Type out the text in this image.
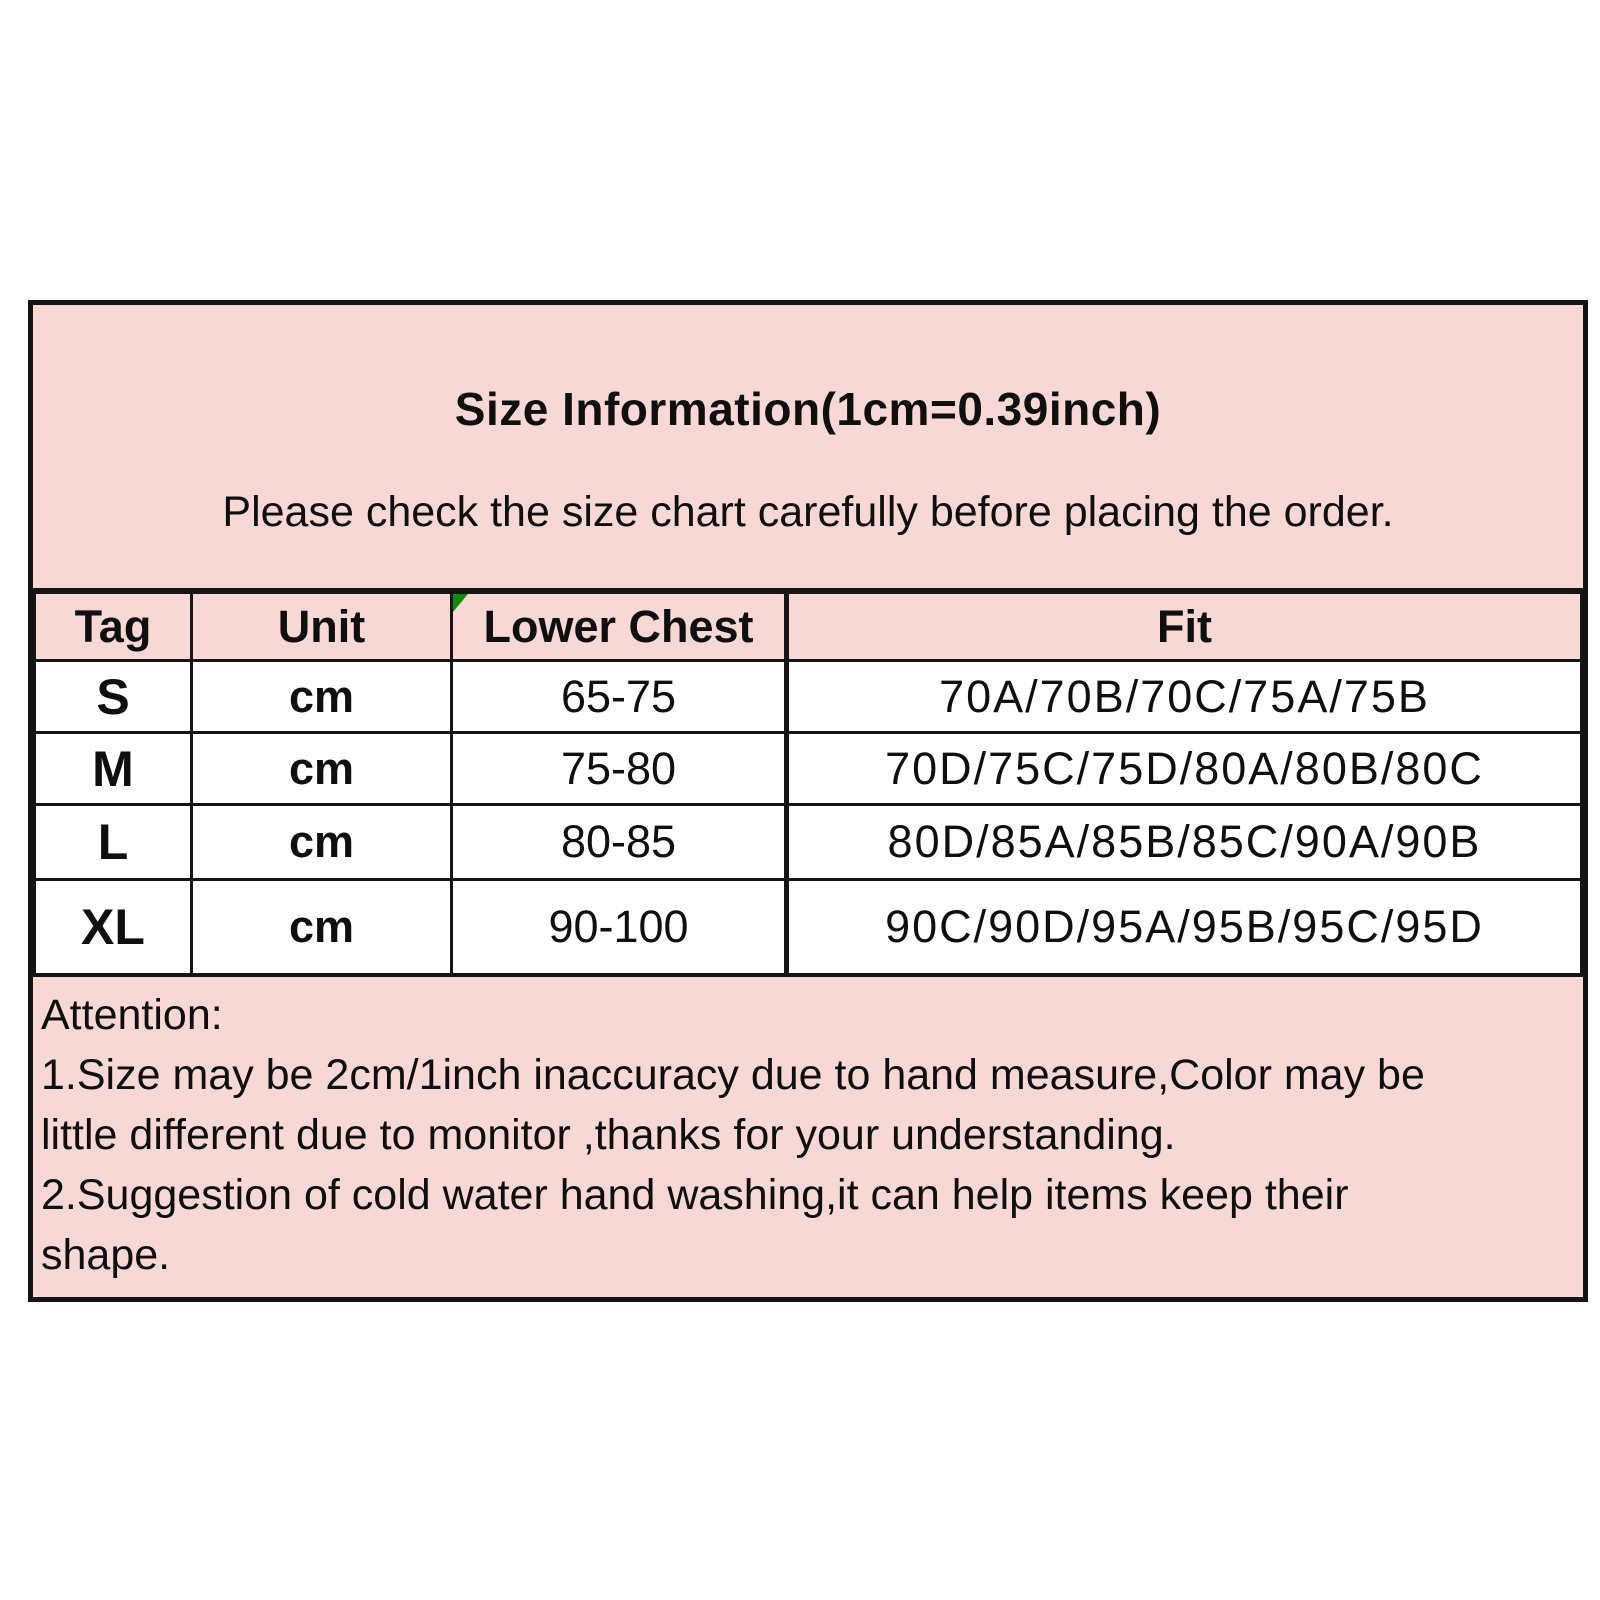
Size Information(1cm=0.39inch)
Please check the size chart carefully before placing the order.
Tag	Unit	Lower Chest	Fit
S	cm	65-75	70A/70B/70C/75A/75B
M	cm	75-80	70D/75C/75D/80A/80B/80C
L	cm	80-85	80D/85A/85B/85C/90A/90B
XL	cm	90-100	90C/90D/95A/95B/95C/95D
Attention:
1.Size may be 2cm/1inch inaccuracy due to hand measure,Color may be
little different due to monitor ,thanks for your understanding.
2.Suggestion of cold water hand washing,it can help items keep their
shape.
